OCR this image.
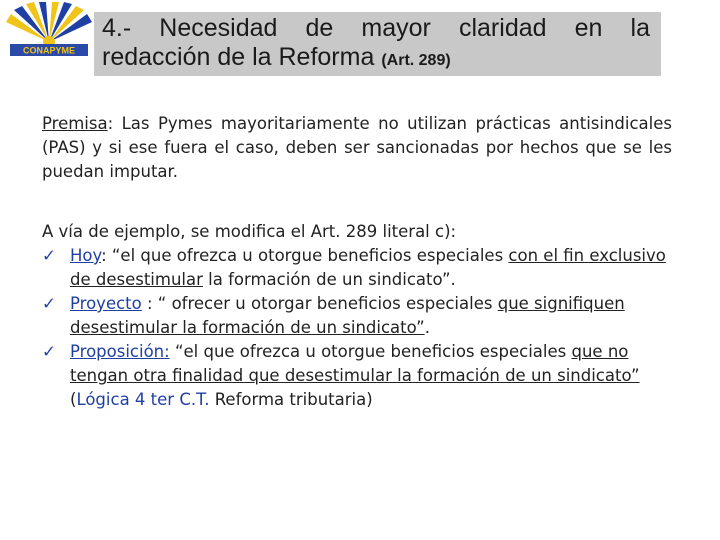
CONAPYME
4.- Necesidad de mayor claridad en la
redacción de la Reforma (Art. 289)

Premisa: Las Pymes mayoritariamente no utilizan prácticas antisindicales (PAS) y si ese fuera el caso, deben ser sancionadas por hechos que se les puedan imputar.

A vía de ejemplo, se modifica el Art. 289 literal c):

✓ Hoy: “el que ofrezca u otorgue beneficios especiales con el fin exclusivo de desestimular la formación de un sindicato”.

✓ Proyecto : “ ofrecer u otorgar beneficios especiales que signifiquen desestimular la formación de un sindicato”.

✓ Proposición: “el que ofrezca u otorgue beneficios especiales que no tengan otra finalidad que desestimular la formación de un sindicato” (Lógica 4 ter C.T. Reforma tributaria)
